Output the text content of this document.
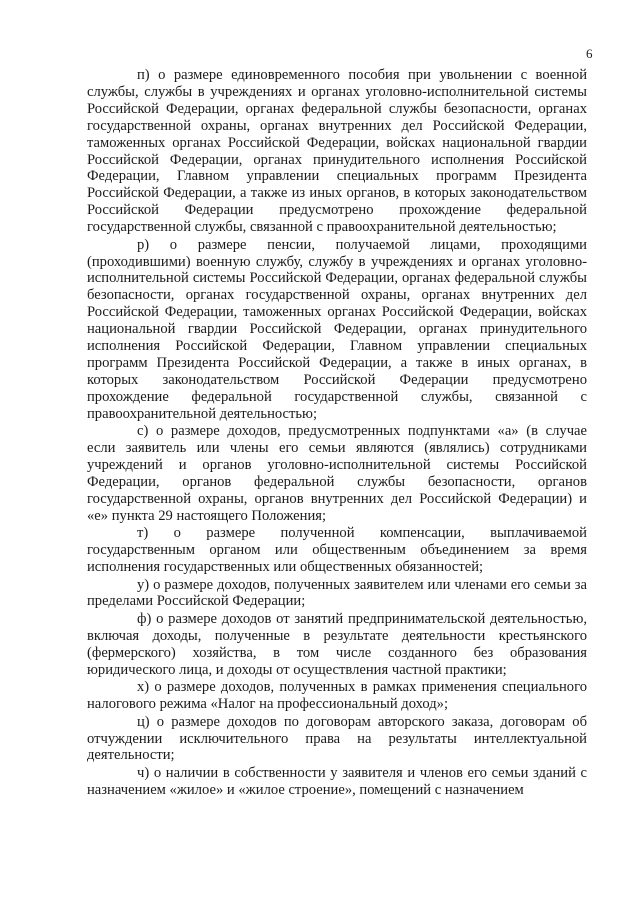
6

п) о размере единовременного пособия при увольнении с военной службы, службы в учреждениях и органах уголовно-исполнительной системы Российской Федерации, органах федеральной службы безопасности, органах государственной охраны, органах внутренних дел Российской Федерации, таможенных органах Российской Федерации, войсках национальной гвардии Российской Федерации, органах принудительного исполнения Российской Федерации, Главном управлении специальных программ Президента Российской Федерации, а также из иных органов, в которых законодательством Российской Федерации предусмотрено прохождение федеральной государственной службы, связанной с правоохранительной деятельностью;

р) о размере пенсии, получаемой лицами, проходящими (проходившими) военную службу, службу в учреждениях и органах уголовно-исполнительной системы Российской Федерации, органах федеральной службы безопасности, органах государственной охраны, органах внутренних дел Российской Федерации, таможенных органах Российской Федерации, войсках национальной гвардии Российской Федерации, органах принудительного исполнения Российской Федерации, Главном управлении специальных программ Президента Российской Федерации, а также в иных органах, в которых законодательством Российской Федерации предусмотрено прохождение федеральной государственной службы, связанной с правоохранительной деятельностью;

с) о размере доходов, предусмотренных подпунктами «а» (в случае если заявитель или члены его семьи являются (являлись) сотрудниками учреждений и органов уголовно-исполнительной системы Российской Федерации, органов федеральной службы безопасности, органов государственной охраны, органов внутренних дел Российской Федерации) и «е» пункта 29 настоящего Положения;

т) о размере полученной компенсации, выплачиваемой государственным органом или общественным объединением за время исполнения государственных или общественных обязанностей;

у) о размере доходов, полученных заявителем или членами его семьи за пределами Российской Федерации;

ф) о размере доходов от занятий предпринимательской деятельностью, включая доходы, полученные в результате деятельности крестьянского (фермерского) хозяйства, в том числе созданного без образования юридического лица, и доходы от осуществления частной практики;

х) о размере доходов, полученных в рамках применения специального налогового режима «Налог на профессиональный доход»;

ц) о размере доходов по договорам авторского заказа, договорам об отчуждении исключительного права на результаты интеллектуальной деятельности;

ч) о наличии в собственности у заявителя и членов его семьи зданий с назначением «жилое» и «жилое строение», помещений с назначением
